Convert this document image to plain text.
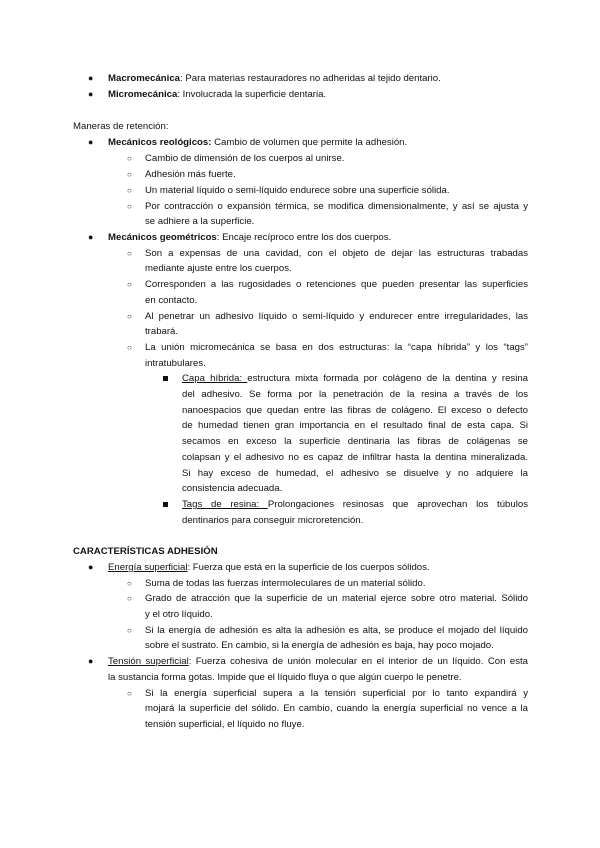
● Macromecánica: Para materias restauradores no adheridas al tejido dentario.
● Micromecánica: Involucrada la superficie dentaria.
Maneras de retención:
● Mecánicos reológicos: Cambio de volumen que permite la adhesión.
○ Cambio de dimensión de los cuerpos al unirse.
○ Adhesión más fuerte.
○ Un material líquido o semi-líquido endurece sobre una superficie sólida.
○ Por contracción o expansión térmica, se modifica dimensionalmente, y así se ajusta y
se adhiere a la superficie.
● Mecánicos geométricos: Encaje recíproco entre los dos cuerpos.
○ Son a expensas de una cavidad, con el objeto de dejar las estructuras trabadas
mediante ajuste entre los cuerpos.
○ Corresponden a las rugosidades o retenciones que pueden presentar las superficies
en contacto.
○ Al penetrar un adhesivo líquido o semi-líquido y endurecer entre irregularidades, las
trabará.
○ La unión micromecánica se basa en dos estructuras: la “capa híbrida” y los “tags”
intratubulares.
Capa híbrida: estructura mixta formada por colágeno de la dentina y resina
del adhesivo. Se forma por la penetración de la resina a través de los
nanoespacios que quedan entre las fibras de colágeno. El exceso o defecto
de humedad tienen gran importancia en el resultado final de esta capa. Si
secamos en exceso la superficie dentinaria las fibras de colágenas se
colapsan y el adhesivo no es capaz de infiltrar hasta la dentina mineralizada.
Si hay exceso de humedad, el adhesivo se disuelve y no adquiere la
consistencia adecuada.
Tags de resina: Prolongaciones resinosas que aprovechan los túbulos
dentinarios para conseguir microretención.
CARACTERÍSTICAS ADHESIÓN
● Energía superficial: Fuerza que está en la superficie de los cuerpos sólidos.
○ Suma de todas las fuerzas intermoleculares de un material sólido.
○ Grado de atracción que la superficie de un material ejerce sobre otro material. Sólido
y el otro líquido.
○ Si la energía de adhesión es alta la adhesión es alta, se produce el mojado del líquido
sobre el sustrato. En cambio, si la energía de adhesión es baja, hay poco mojado.
● Tensión superficial: Fuerza cohesiva de unión molecular en el interior de un líquido. Con esta
la sustancia forma gotas. Impide que el líquido fluya o que algún cuerpo le penetre.
○ Si la energía superficial supera a la tensión superficial por lo tanto expandirá y
mojará la superficie del sólido. En cambio, cuando la energía superficial no vence a la
tensión superficial, el líquido no fluye.
